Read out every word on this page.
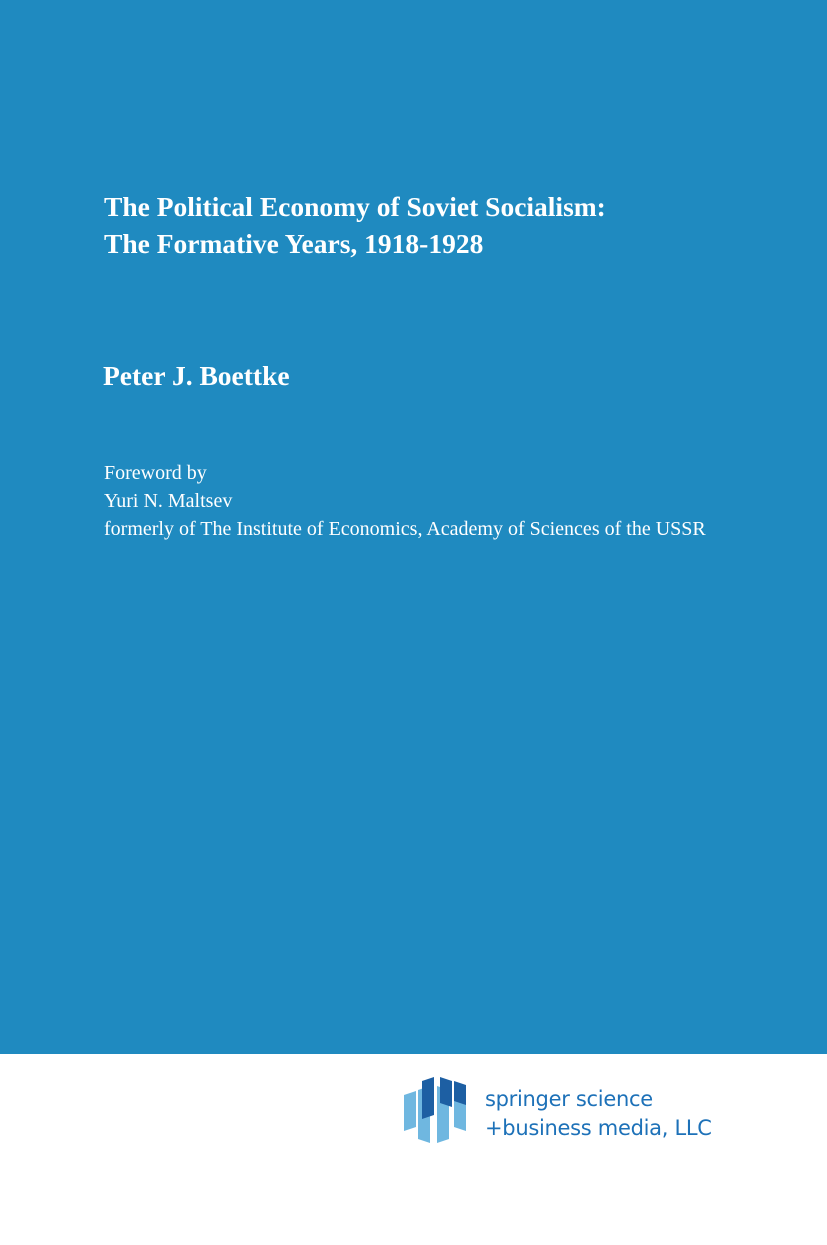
The Political Economy of Soviet Socialism:
The Formative Years, 1918-1928
Peter J. Boettke
Foreword by
Yuri N. Maltsev
formerly of The Institute of Economics, Academy of Sciences of the USSR
springer science
+business media, LLC
